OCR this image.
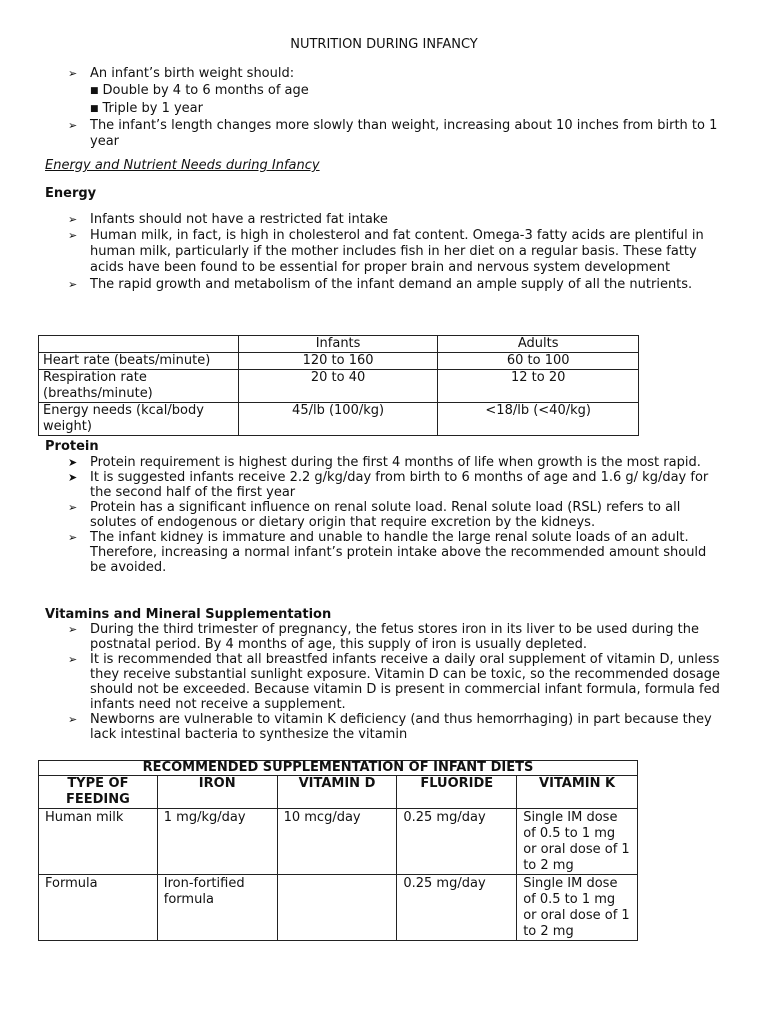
NUTRITION DURING INFANCY
➢ An infant’s birth weight should:
■ Double by 4 to 6 months of age
■ Triple by 1 year
➢ The infant’s length changes more slowly than weight, increasing about 10 inches from birth to 1 year
Energy and Nutrient Needs during Infancy
Energy
➢ Infants should not have a restricted fat intake
➢ Human milk, in fact, is high in cholesterol and fat content. Omega-3 fatty acids are plentiful in human milk, particularly if the mother includes fish in her diet on a regular basis. These fatty acids have been found to be essential for proper brain and nervous system development
➢ The rapid growth and metabolism of the infant demand an ample supply of all the nutrients.
	Infants	Adults
Heart rate (beats/minute)	120 to 160	60 to 100
Respiration rate (breaths/minute)	20 to 40	12 to 20
Energy needs (kcal/body weight)	45/lb (100/kg)	<18/lb (<40/kg)
Protein
➤ Protein requirement is highest during the first 4 months of life when growth is the most rapid.
➤ It is suggested infants receive 2.2 g/kg/day from birth to 6 months of age and 1.6 g/ kg/day for the second half of the first year
➢ Protein has a significant influence on renal solute load. Renal solute load (RSL) refers to all solutes of endogenous or dietary origin that require excretion by the kidneys.
➢ The infant kidney is immature and unable to handle the large renal solute loads of an adult. Therefore, increasing a normal infant’s protein intake above the recommended amount should be avoided.
Vitamins and Mineral Supplementation
➢ During the third trimester of pregnancy, the fetus stores iron in its liver to be used during the postnatal period. By 4 months of age, this supply of iron is usually depleted.
➢ It is recommended that all breastfed infants receive a daily oral supplement of vitamin D, unless they receive substantial sunlight exposure. Vitamin D can be toxic, so the recommended dosage should not be exceeded. Because vitamin D is present in commercial infant formula, formula fed infants need not receive a supplement.
➢ Newborns are vulnerable to vitamin K deficiency (and thus hemorrhaging) in part because they lack intestinal bacteria to synthesize the vitamin
RECOMMENDED SUPPLEMENTATION OF INFANT DIETS				
TYPE OF FEEDING	IRON	VITAMIN D	FLUORIDE	VITAMIN K
Human milk	1 mg/kg/day	10 mcg/day	0.25 mg/day	Single IM dose of 0.5 to 1 mg or oral dose of 1 to 2 mg
Formula	Iron-fortified formula		0.25 mg/day	Single IM dose of 0.5 to 1 mg or oral dose of 1 to 2 mg
